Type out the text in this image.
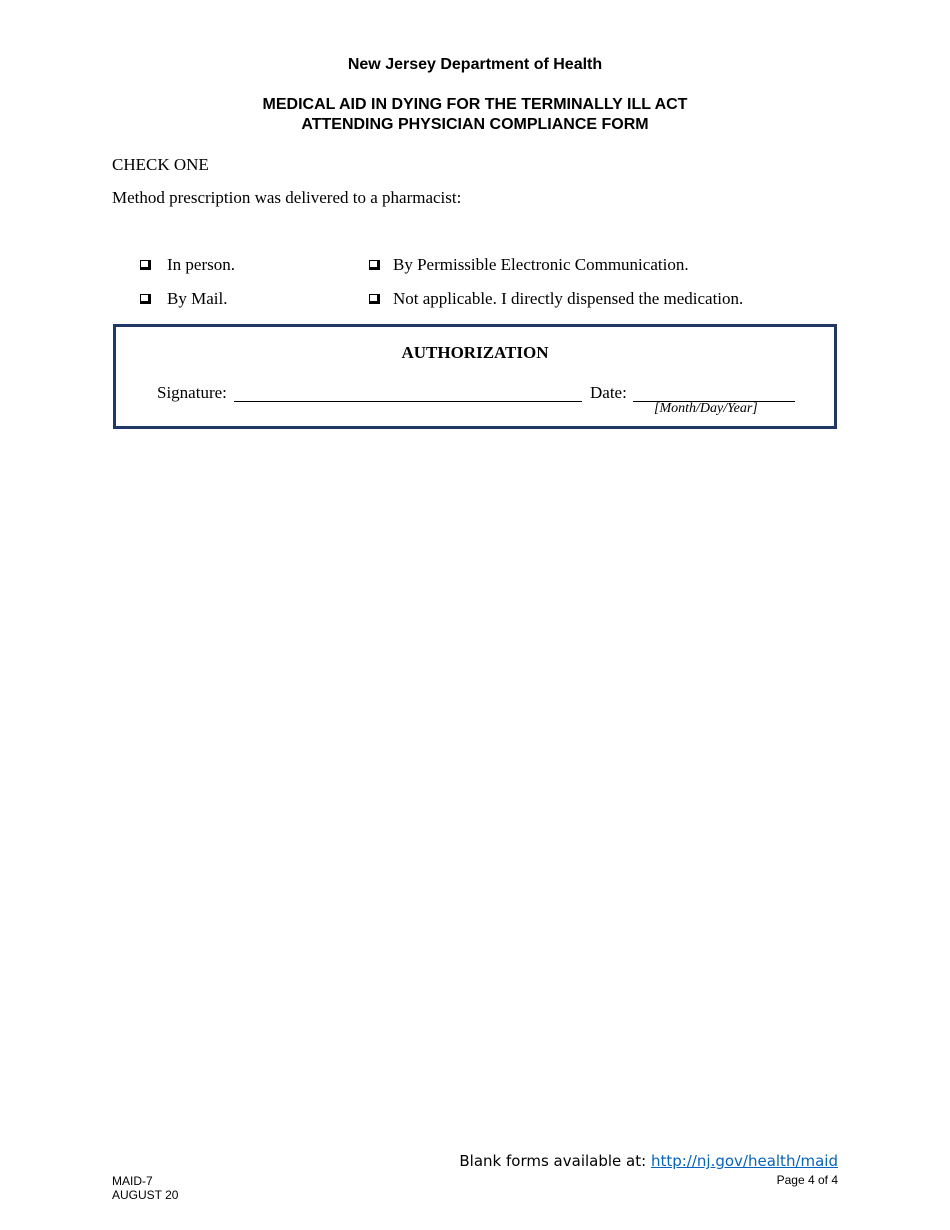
New Jersey Department of Health
MEDICAL AID IN DYING FOR THE TERMINALLY ILL ACT
ATTENDING PHYSICIAN COMPLIANCE FORM
CHECK ONE
Method prescription was delivered to a pharmacist:
In person.	By Permissible Electronic Communication.
By Mail.	Not applicable. I directly dispensed the medication.
AUTHORIZATION
Signature:	Date:
[Month/Day/Year]
Blank forms available at: http://nj.gov/health/maid
Page 4 of 4
MAID-7
AUGUST 20
